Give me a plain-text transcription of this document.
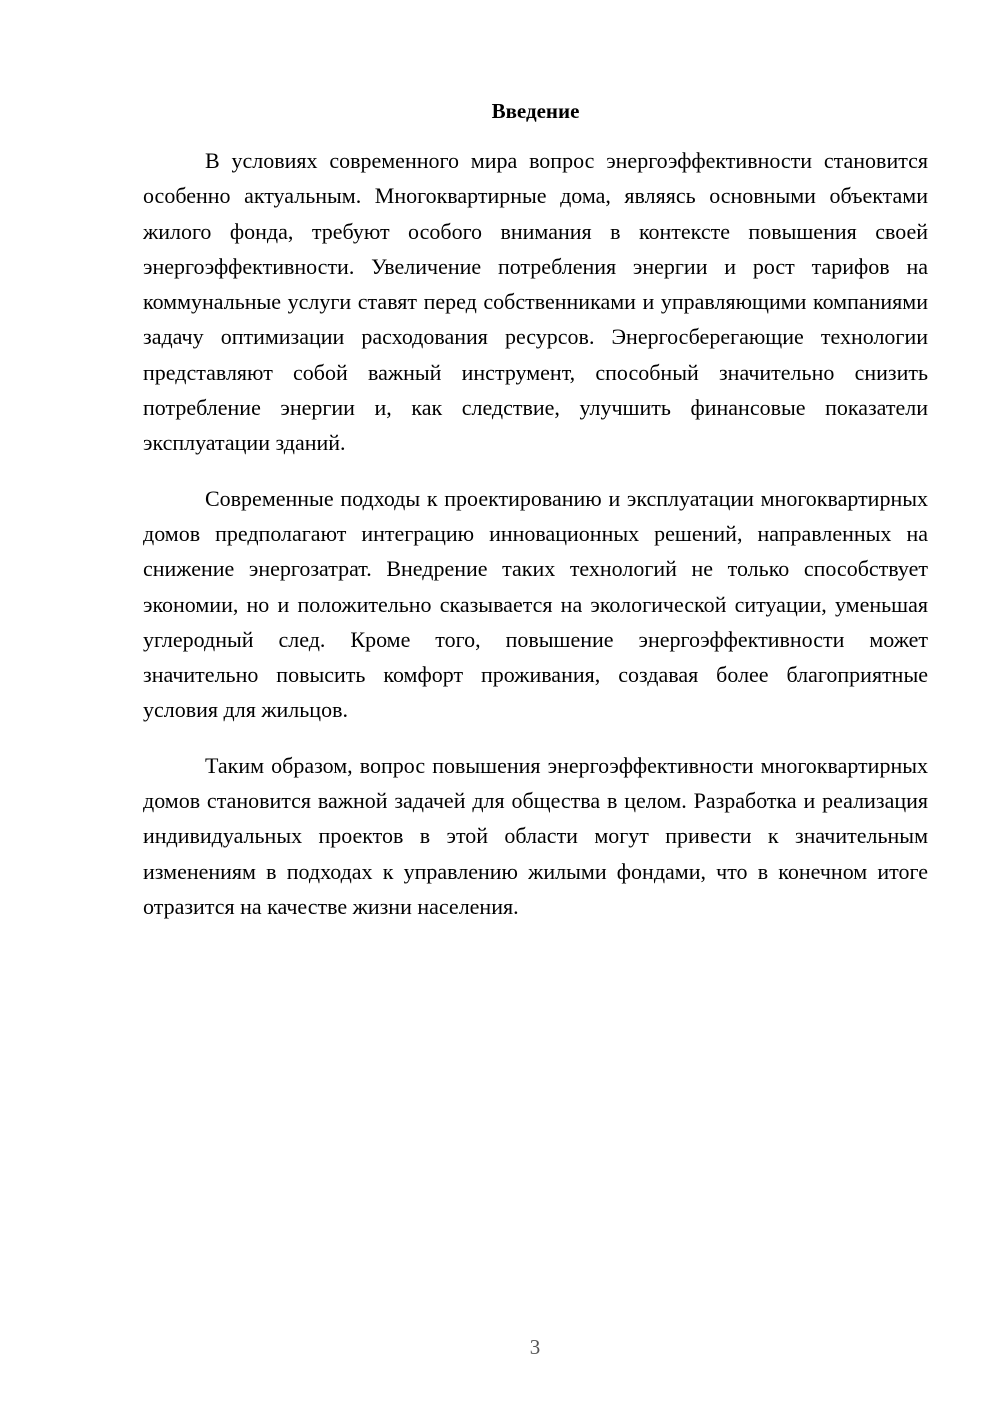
Введение

В условиях современного мира вопрос энергоэффективности становится особенно актуальным. Многоквартирные дома, являясь основными объектами жилого фонда, требуют особого внимания в контексте повышения своей энергоэффективности. Увеличение потребления энергии и рост тарифов на коммунальные услуги ставят перед собственниками и управляющими компаниями задачу оптимизации расходования ресурсов. Энергосберегающие технологии представляют собой важный инструмент, способный значительно снизить потребление энергии и, как следствие, улучшить финансовые показатели эксплуатации зданий.

Современные подходы к проектированию и эксплуатации многоквартирных домов предполагают интеграцию инновационных решений, направленных на снижение энергозатрат. Внедрение таких технологий не только способствует экономии, но и положительно сказывается на экологической ситуации, уменьшая углеродный след. Кроме того, повышение энергоэффективности может значительно повысить комфорт проживания, создавая более благоприятные условия для жильцов.

Таким образом, вопрос повышения энергоэффективности многоквартирных домов становится важной задачей для общества в целом. Разработка и реализация индивидуальных проектов в этой области могут привести к значительным изменениям в подходах к управлению жилыми фондами, что в конечном итоге отразится на качестве жизни населения.

3
